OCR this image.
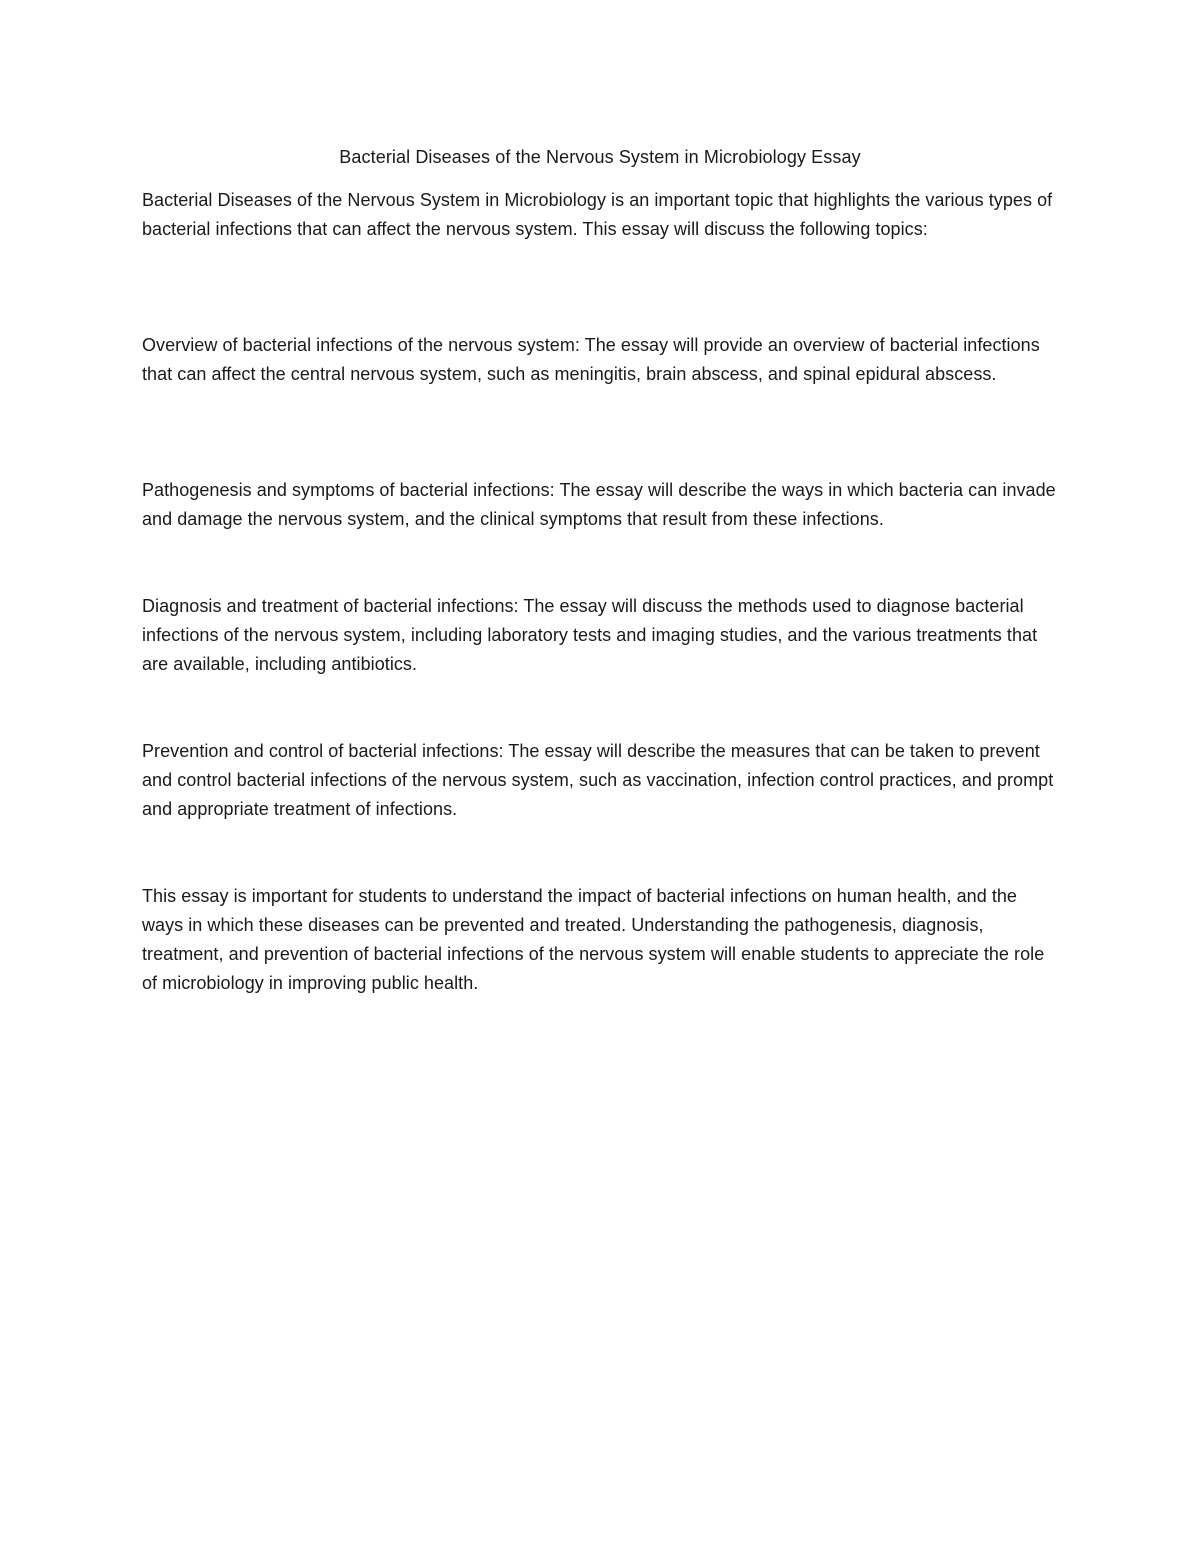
Bacterial Diseases of the Nervous System in Microbiology Essay

Bacterial Diseases of the Nervous System in Microbiology is an important topic that highlights the various types of bacterial infections that can affect the nervous system. This essay will discuss the following topics:

Overview of bacterial infections of the nervous system: The essay will provide an overview of bacterial infections that can affect the central nervous system, such as meningitis, brain abscess, and spinal epidural abscess.

Pathogenesis and symptoms of bacterial infections: The essay will describe the ways in which bacteria can invade and damage the nervous system, and the clinical symptoms that result from these infections.

Diagnosis and treatment of bacterial infections: The essay will discuss the methods used to diagnose bacterial infections of the nervous system, including laboratory tests and imaging studies, and the various treatments that are available, including antibiotics.

Prevention and control of bacterial infections: The essay will describe the measures that can be taken to prevent and control bacterial infections of the nervous system, such as vaccination, infection control practices, and prompt and appropriate treatment of infections.

This essay is important for students to understand the impact of bacterial infections on human health, and the ways in which these diseases can be prevented and treated. Understanding the pathogenesis, diagnosis, treatment, and prevention of bacterial infections of the nervous system will enable students to appreciate the role of microbiology in improving public health.
